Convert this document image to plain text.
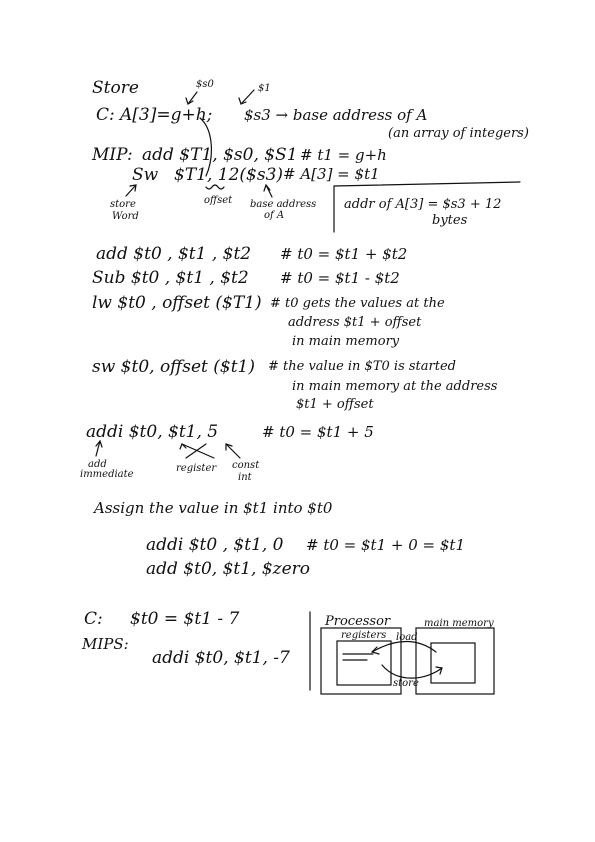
Store	$s0	$1
C: A[3]=g+h; $s3 → base address of A
(an array of integers)
MIP: add $T1, $s0, $S1 # t1 = g+h
Sw $T1, 12($s3) # A[3] = $t1
store
Word
offset base address
of A
addr of A[3] = $s3 + 12
bytes
add $t0 , $t1 , $t2 # t0 = $t1 + $t2
Sub $t0 , $t1 , $t2 # t0 = $t1 - $t2
lw $t0 , offset ($T1) # t0 gets the values at the
address $t1 + offset
in main memory
sw $t0, offset ($t1) # the value in $T0 is started
in main memory at the address
$t1 + offset
addi $t0, $t1, 5	# t0 = $t1 + 5
add
immediate
register const
int
Assign the value in $t1 into $t0
addi $t0 , $t1, 0 # t0 = $t1 + 0 = $t1
add $t0, $t1, $zero
C: $t0 = $t1 - 7
MIPS:
addi $t0, $t1, -7
Processor	main memory
registers load
store
